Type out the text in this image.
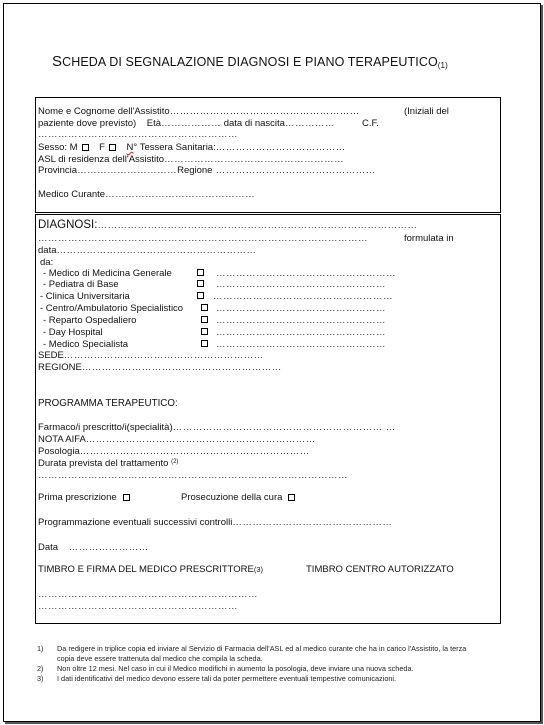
SCHEDA DI SEGNALAZIONE DIAGNOSI E PIANO $TERAPEUTICO_{(1)}$
Nome e Cognome dell'Assistito…………………………………………………	(Iniziali del
paziente dove previsto) Età……………… data di nascita……………	C.F.
……………………………………………………
Sesso: M F N° Tessera Sanitaria:…………………………………
ASL di residenza dell'Assistito………………………………………………
Provincia…………………………Regione …………………………………………
Medico Curante………………………………………
DIAGNOSI:……………………………………………………………………………………
………………………………………………………………………………………	formulata in
data……………………………………………………
da:
- Medico di Medicina Generale	………………………………………………
- Pediatra di Base	……………………………………………
- Clinica Universitaria	………………………………………………
- Centro/Ambulatorio Specialistico	……………………………………………
- Reparto Ospedaliero	……………………………………………
- Day Hospital	……………………………………………
- Medico Specialista	……………………………………………
SEDE……………………………………………………
REGIONE……………………………………………………
PROGRAMMA TERAPEUTICO:
Farmaco/i prescritto/i(specialità)……………………………………………………… …
NOTA AIFA……………………………………………………………
Posologia……………………………………………………………
Durata prevista del trattamento $^{(2)}$
…………………………………………………………………………………
Prima prescrizione	Prosecuzione della cura
Programmazione eventuali successivi controlli…………………………………………
Data ……………………
TIMBRO E FIRMA DEL MEDICO PRESCRITTORE(3)	TIMBRO CENTRO AUTORIZZATO
…………………………………………………………
……………………………………………………
1) Da redigere in triplice copia ed inviare al Servizio di Farmacia dell'ASL ed al medico curante che ha in carico l'Assistito, la terza
copia deve essere trattenuta dal medico che compila la scheda.
2) Non oltre 12 mesi. Nel caso in cui il Medico modifichi in aumento la posologia, deve inviare una nuova scheda.
3) I dati identificativi del medico devono essere tali da poter permettere eventuali tempestive comunicazioni.
